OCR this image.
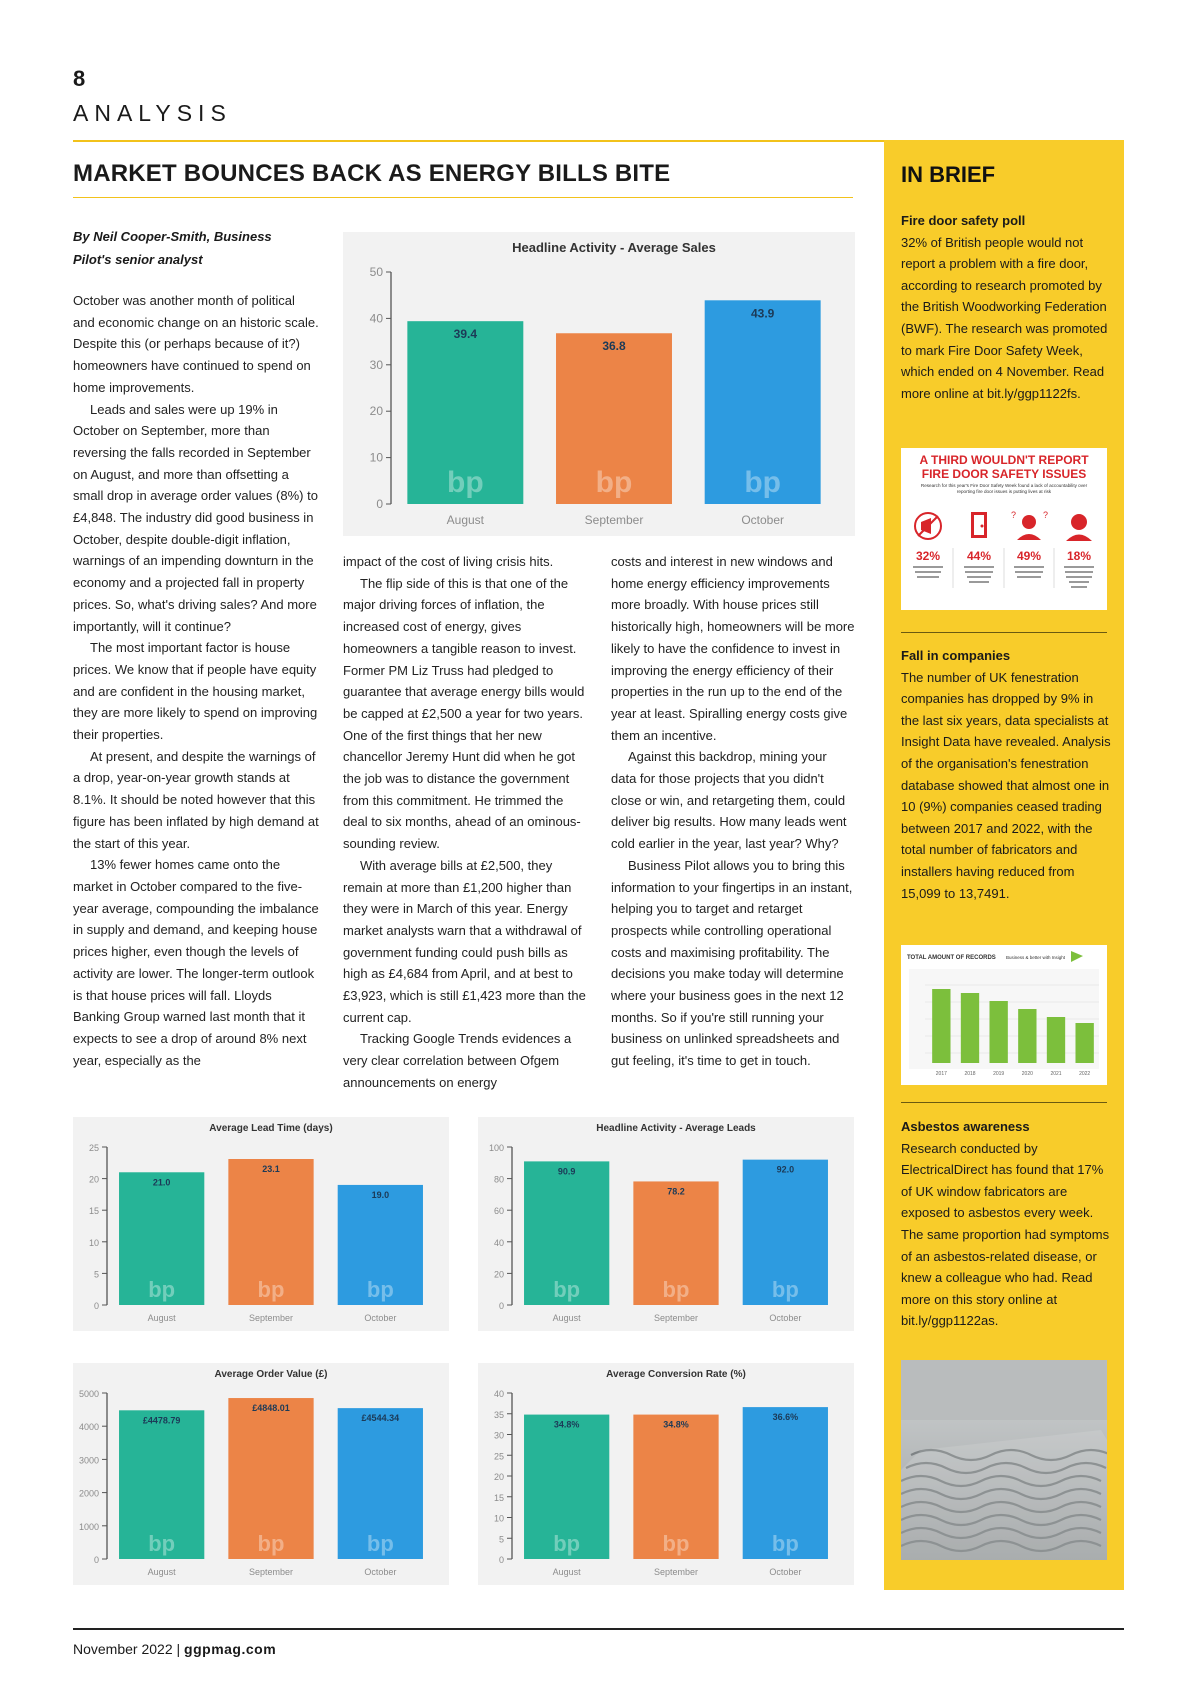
8
ANALYSIS
MARKET BOUNCES BACK AS ENERGY BILLS BITE
By Neil Cooper-Smith, Business Pilot's senior analyst

October was another month of political and economic change on an historic scale. Despite this (or perhaps because of it?) homeowners have continued to spend on home improvements.

Leads and sales were up 19% in October on September, more than reversing the falls recorded in September on August, and more than offsetting a small drop in average order values (8%) to £4,848. The industry did good business in October, despite double-digit inflation, warnings of an impending downturn in the economy and a projected fall in property prices. So, what's driving sales? And more importantly, will it continue?

The most important factor is house prices. We know that if people have equity and are confident in the housing market, they are more likely to spend on improving their properties.

At present, and despite the warnings of a drop, year-on-year growth stands at 8.1%. It should be noted however that this figure has been inflated by high demand at the start of this year.

13% fewer homes came onto the market in October compared to the five-year average, compounding the imbalance in supply and demand, and keeping house prices higher, even though the levels of activity are lower. The longer-term outlook is that house prices will fall. Lloyds Banking Group warned last month that it expects to see a drop of around 8% next year, especially as the

impact of the cost of living crisis hits.

The flip side of this is that one of the major driving forces of inflation, the increased cost of energy, gives homeowners a tangible reason to invest. Former PM Liz Truss had pledged to guarantee that average energy bills would be capped at £2,500 a year for two years. One of the first things that her new chancellor Jeremy Hunt did when he got the job was to distance the government from this commitment. He trimmed the deal to six months, ahead of an ominous-sounding review.

With average bills at £2,500, they remain at more than £1,200 higher than they were in March of this year. Energy market analysts warn that a withdrawal of government funding could push bills as high as £4,684 from April, and at best to £3,923, which is still £1,423 more than the current cap.

Tracking Google Trends evidences a very clear correlation between Ofgem announcements on energy

costs and interest in new windows and home energy efficiency improvements more broadly. With house prices still historically high, homeowners will be more likely to have the confidence to invest in improving the energy efficiency of their properties in the run up to the end of the year at least. Spiralling energy costs give them an incentive.

Against this backdrop, mining your data for those projects that you didn't close or win, and retargeting them, could deliver big results. How many leads went cold earlier in the year, last year? Why?

Business Pilot allows you to bring this information to your fingertips in an instant, helping you to target and retarget prospects while controlling operational costs and maximising profitability. The decisions you make today will determine where your business goes in the next 12 months. So if you're still running your business on unlinked spreadsheets and gut feeling, it's time to get in touch.

Headline Activity - Average Sales
0
10
20
30
40
50
39.4
bp
August
36.8
bp
September
43.9
bp
October
Average Lead Time (days)
0
5
10
15
20
25
21.0
bp
August
23.1
bp
September
19.0
bp
October
Headline Activity - Average Leads
0
20
40
60
80
100
90.9
bp
August
78.2
bp
September
92.0
bp
October
Average Order Value (£)
0
1000
2000
3000
4000
5000
£4478.79
bp
August
£4848.01
bp
September
£4544.34
bp
October
Average Conversion Rate (%)
0
5
10
15
20
25
30
35
40
34.8%
bp
August
34.8%
bp
September
36.6%
bp
October
IN BRIEF
Fire door safety poll
32% of British people would not report a problem with a fire door, according to research promoted by the British Woodworking Federation (BWF). The research was promoted to mark Fire Door Safety Week, which ended on 4 November. Read more online at bit.ly/ggp1122fs.
A THIRD WOULDN'T REPORT
FIRE DOOR SAFETY ISSUES
Research for this year's Fire Door Safety Week found a lack of accountability over reporting fire door issues is putting lives at risk
?
?
32% 44% 49% 18%
Fall in companies
The number of UK fenestration companies has dropped by 9% in the last six years, data specialists at Insight Data have revealed. Analysis of the organisation's fenestration database showed that almost one in 10 (9%) companies ceased trading between 2017 and 2022, with the total number of fabricators and installers having reduced from 15,099 to 13,7491.
TOTAL AMOUNT OF RECORDS Business & better with Insight
2017	2018	2019	2020	2021	2022
Asbestos awareness
Research conducted by ElectricalDirect has found that 17% of UK window fabricators are exposed to asbestos every week. The same proportion had symptoms of an asbestos-related disease, or knew a colleague who had. Read more on this story online at bit.ly/ggp1122as.
November 2022 | ggpmag.com
